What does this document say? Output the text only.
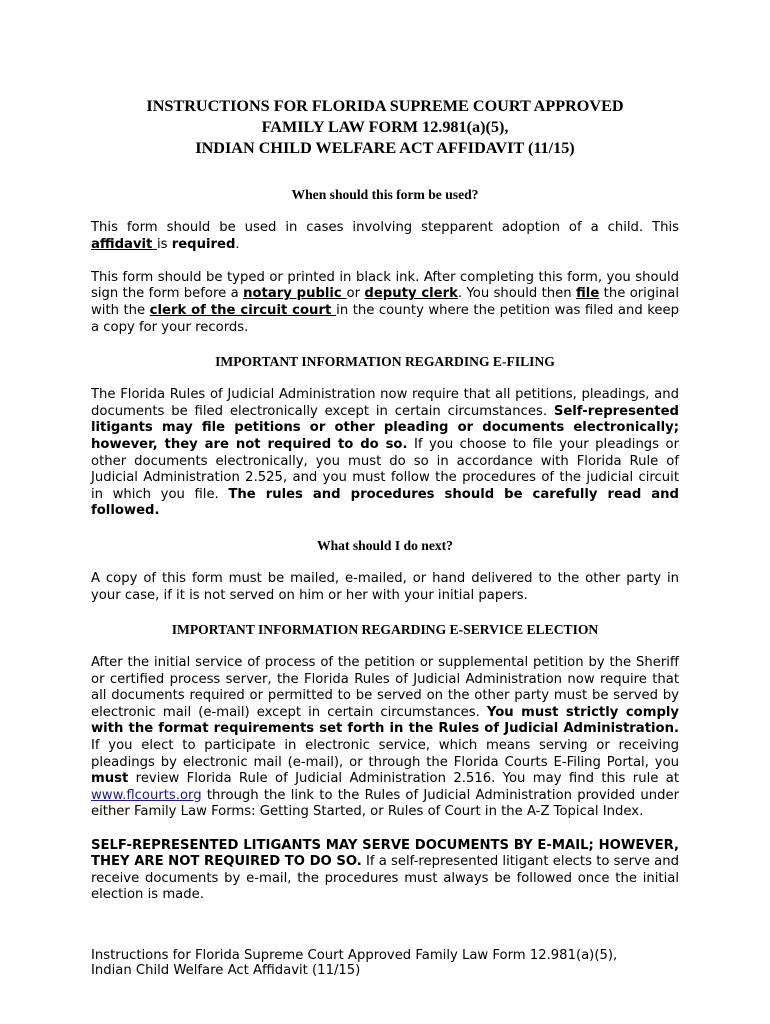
INSTRUCTIONS FOR FLORIDA SUPREME COURT APPROVED
FAMILY LAW FORM 12.981(a)(5),
INDIAN CHILD WELFARE ACT AFFIDAVIT (11/15)
When should this form be used?

This form should be used in cases involving stepparent adoption of a child. This affidavit is required.

This form should be typed or printed in black ink. After completing this form, you should sign the form before a notary public or deputy clerk. You should then file the original with the clerk of the circuit court in the county where the petition was filed and keep a copy for your records.

IMPORTANT INFORMATION REGARDING E-FILING

The Florida Rules of Judicial Administration now require that all petitions, pleadings, and documents be filed electronically except in certain circumstances. Self-represented litigants may file petitions or other pleading or documents electronically; however, they are not required to do so. If you choose to file your pleadings or other documents electronically, you must do so in accordance with Florida Rule of Judicial Administration 2.525, and you must follow the procedures of the judicial circuit in which you file. The rules and procedures should be carefully read and followed.

What should I do next?

A copy of this form must be mailed, e-mailed, or hand delivered to the other party in your case, if it is not served on him or her with your initial papers.

IMPORTANT INFORMATION REGARDING E-SERVICE ELECTION

After the initial service of process of the petition or supplemental petition by the Sheriff or certified process server, the Florida Rules of Judicial Administration now require that all documents required or permitted to be served on the other party must be served by electronic mail (e-mail) except in certain circumstances. You must strictly comply with the format requirements set forth in the Rules of Judicial Administration. If you elect to participate in electronic service, which means serving or receiving pleadings by electronic mail (e-mail), or through the Florida Courts E-Filing Portal, you must review Florida Rule of Judicial Administration 2.516. You may find this rule at www.flcourts.org through the link to the Rules of Judicial Administration provided under either Family Law Forms: Getting Started, or Rules of Court in the A-Z Topical Index.

SELF-REPRESENTED LITIGANTS MAY SERVE DOCUMENTS BY E-MAIL; HOWEVER, THEY ARE NOT REQUIRED TO DO SO. If a self-represented litigant elects to serve and receive documents by e-mail, the procedures must always be followed once the initial election is made.

Instructions for Florida Supreme Court Approved Family Law Form 12.981(a)(5),
Indian Child Welfare Act Affidavit (11/15)
